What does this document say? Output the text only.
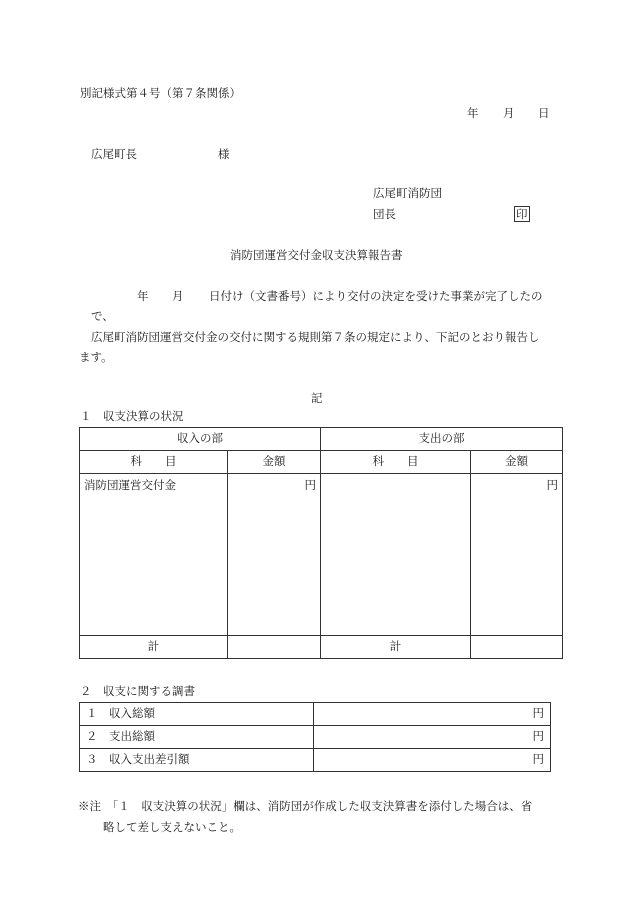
別記様式第４号（第７条関係）
年 月 日
広尾町長	様
広尾町消防団
団長	印
消防団運営交付金収支決算報告書
年 月 日付け（文書番号）により交付の決定を受けた事業が完了したの
で、
広尾町消防団運営交付金の交付に関する規則第７条の規定により、下記のとおり報告し
ます。
記
１　収支決算の状況
収入の部		支出の部	
科　　目	金額	科　　目	金額
消防団運営交付金	円		円
計		計	
２　収支に関する調書
１　収入総額	円
２　支出総額	円
３　収入支出差引額	円
※注　「１　収支決算の状況」欄は、消防団が作成した収支決算書を添付した場合は、省
略して差し支えないこと。
